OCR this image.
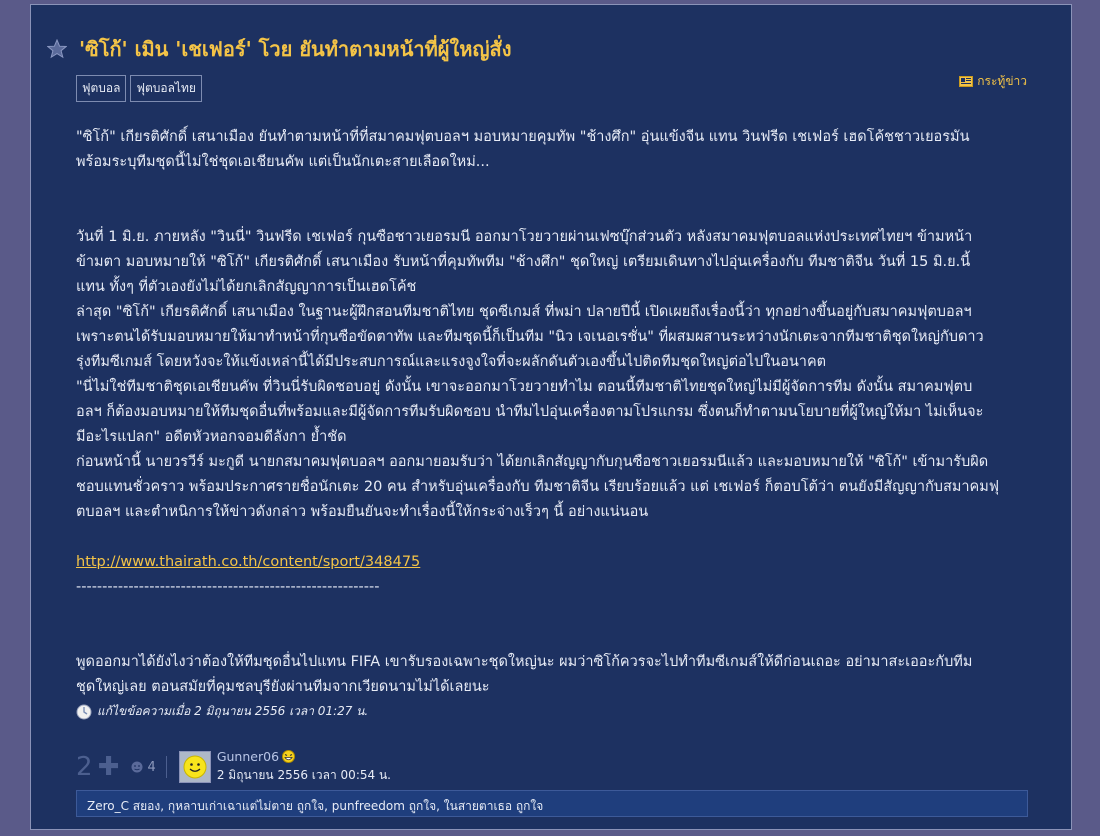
'ซิโก้' เมิน 'เชเฟอร์' โวย ยันทำตามหน้าที่ผู้ใหญ่สั่ง
ฟุตบอล	ฟุตบอลไทย	กระทู้ข่าว

"ซิโก้" เกียรติศักดิ์ เสนาเมือง ยันทำตามหน้าที่ที่สมาคมฟุตบอลฯ มอบหมายคุมทัพ "ช้างศึก" อุ่นแข้งจีน แทน วินฟรีด เชเฟอร์ เฮดโค้ชชาวเยอรมัน
พร้อมระบุทีมชุดนี้ไม่ใช่ชุดเอเชียนคัพ แต่เป็นนักเตะสายเลือดใหม่...

วันที่ 1 มิ.ย. ภายหลัง "วินนี่" วินฟรีด เชเฟอร์ กุนซือชาวเยอรมนี ออกมาโวยวายผ่านเฟซบุ๊กส่วนตัว หลังสมาคมฟุตบอลแห่งประเทศไทยฯ ข้ามหน้า
ข้ามตา มอบหมายให้ "ซิโก้" เกียรติศักดิ์ เสนาเมือง รับหน้าที่คุมทัพทีม "ช้างศึก" ชุดใหญ่ เตรียมเดินทางไปอุ่นเครื่องกับ ทีมชาติจีน วันที่ 15 มิ.ย.นี้
แทน ทั้งๆ ที่ตัวเองยังไม่ได้ยกเลิกสัญญาการเป็นเฮดโค้ช

ล่าสุด "ซิโก้" เกียรติศักดิ์ เสนาเมือง ในฐานะผู้ฝึกสอนทีมชาติไทย ชุดซีเกมส์ ที่พม่า ปลายปีนี้ เปิดเผยถึงเรื่องนี้ว่า ทุกอย่างขึ้นอยู่กับสมาคมฟุตบอลฯ
เพราะตนได้รับมอบหมายให้มาทำหน้าที่กุนซือขัดตาทัพ และทีมชุดนี้ก็เป็นทีม "นิว เจเนอเรชั่น" ที่ผสมผสานระหว่างนักเตะจากทีมชาติชุดใหญ่กับดาว
รุ่งทีมซีเกมส์ โดยหวังจะให้แข้งเหล่านี้ได้มีประสบการณ์และแรงจูงใจที่จะผลักดันตัวเองขึ้นไปติดทีมชุดใหญ่ต่อไปในอนาคต

"นี่ไม่ใช่ทีมชาติชุดเอเชียนคัพ ที่วินนี่รับผิดชอบอยู่ ดังนั้น เขาจะออกมาโวยวายทำไม ตอนนี้ทีมชาติไทยชุดใหญ่ไม่มีผู้จัดการทีม ดังนั้น สมาคมฟุตบ
อลฯ ก็ต้องมอบหมายให้ทีมชุดอื่นที่พร้อมและมีผู้จัดการทีมรับผิดชอบ นำทีมไปอุ่นเครื่องตามโปรแกรม ซึ่งตนก็ทำตามนโยบายที่ผู้ใหญ่ให้มา ไม่เห็นจะ
มีอะไรแปลก" อดีตหัวหอกจอมดีลังกา ย้ำชัด

ก่อนหน้านี้ นายวรวีร์ มะกูดี นายกสมาคมฟุตบอลฯ ออกมายอมรับว่า ได้ยกเลิกสัญญากับกุนซือชาวเยอรมนีแล้ว และมอบหมายให้ "ซิโก้" เข้ามารับผิด
ชอบแทนชั่วคราว พร้อมประกาศรายชื่อนักเตะ 20 คน สำหรับอุ่นเครื่องกับ ทีมชาติจีน เรียบร้อยแล้ว แต่ เชเฟอร์ ก็ตอบโต้ว่า ตนยังมีสัญญากับสมาคมฟุ
ตบอลฯ และตำหนิการให้ข่าวดังกล่าว พร้อมยืนยันจะทำเรื่องนี้ให้กระจ่างเร็วๆ นี้ อย่างแน่นอน

http://www.thairath.co.th/content/sport/348475

----------------------------------------------------------

พูดออกมาได้ยังไงว่าต้องให้ทีมชุดอื่นไปแทน FIFA เขารับรองเฉพาะชุดใหญ่นะ ผมว่าซิโก้ควรจะไปทำทีมซีเกมส์ให้ดีก่อนเถอะ อย่ามาสะเออะกับทีม
ชุดใหญ่เลย ตอนสมัยที่คุมชลบุรียังผ่านทีมจากเวียดนามไม่ได้เลยนะ

แก้ไขข้อความเมื่อ 2 มิถุนายน 2556 เวลา 01:27 น.
2 ✚ 4
Gunner06
2 มิถุนายน 2556 เวลา 00:54 น.
Zero_C สยอง, กุหลาบเก่าเฉาแต่ไม่ตาย ถูกใจ, punfreedom ถูกใจ, ในสายตาเธอ ถูกใจ
